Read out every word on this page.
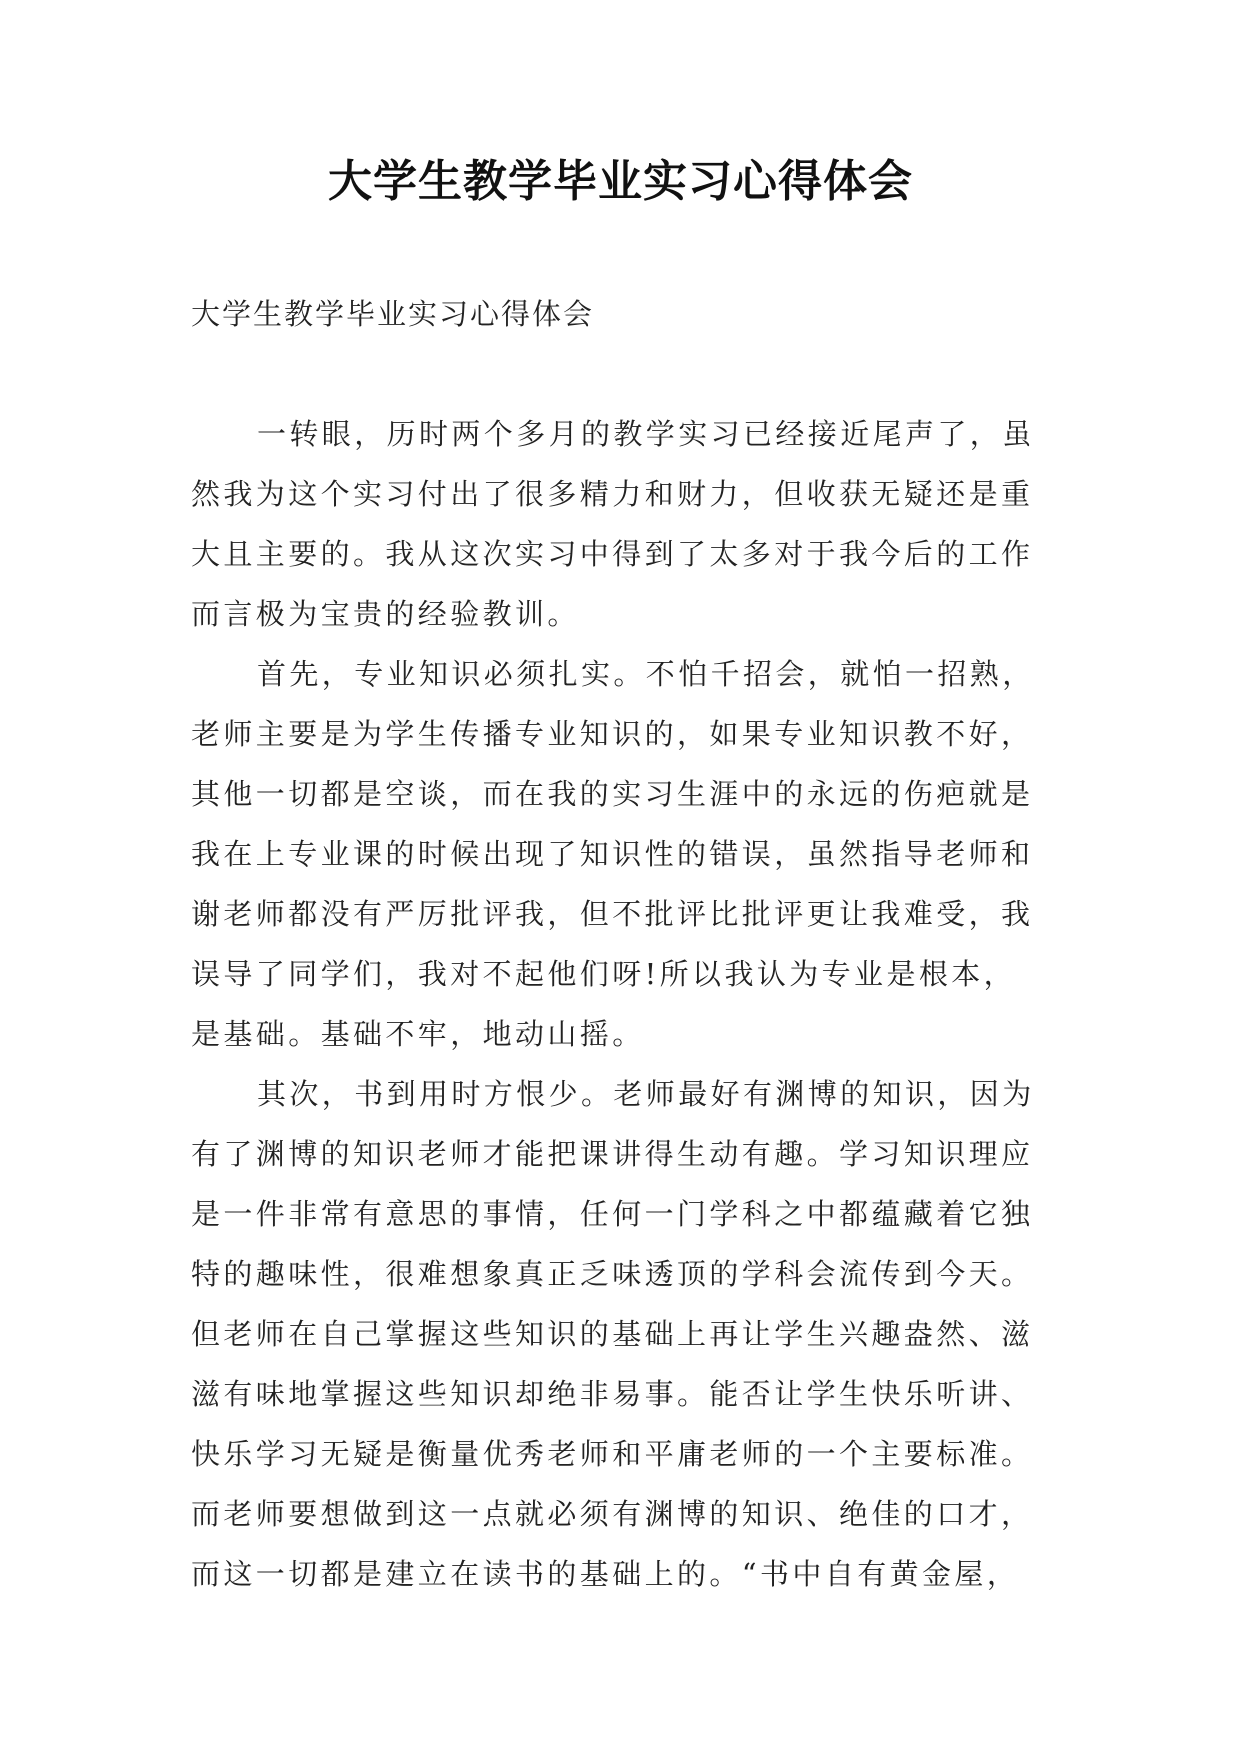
大学生教学毕业实习心得体会
大学生教学毕业实习心得体会
一转眼，历时两个多月的教学实习已经接近尾声了，虽
然我为这个实习付出了很多精力和财力，但收获无疑还是重
大且主要的。我从这次实习中得到了太多对于我今后的工作
而言极为宝贵的经验教训。
首先，专业知识必须扎实。不怕千招会，就怕一招熟，
老师主要是为学生传播专业知识的，如果专业知识教不好，
其他一切都是空谈，而在我的实习生涯中的永远的伤疤就是
我在上专业课的时候出现了知识性的错误，虽然指导老师和
谢老师都没有严厉批评我，但不批评比批评更让我难受，我
误导了同学们，我对不起他们呀!所以我认为专业是根本，
是基础。基础不牢，地动山摇。
其次，书到用时方恨少。老师最好有渊博的知识，因为
有了渊博的知识老师才能把课讲得生动有趣。学习知识理应
是一件非常有意思的事情，任何一门学科之中都蕴藏着它独
特的趣味性，很难想象真正乏味透顶的学科会流传到今天。
但老师在自己掌握这些知识的基础上再让学生兴趣盎然、滋
滋有味地掌握这些知识却绝非易事。能否让学生快乐听讲、
快乐学习无疑是衡量优秀老师和平庸老师的一个主要标准。
而老师要想做到这一点就必须有渊博的知识、绝佳的口才，
而这一切都是建立在读书的基础上的。“书中自有黄金屋，
